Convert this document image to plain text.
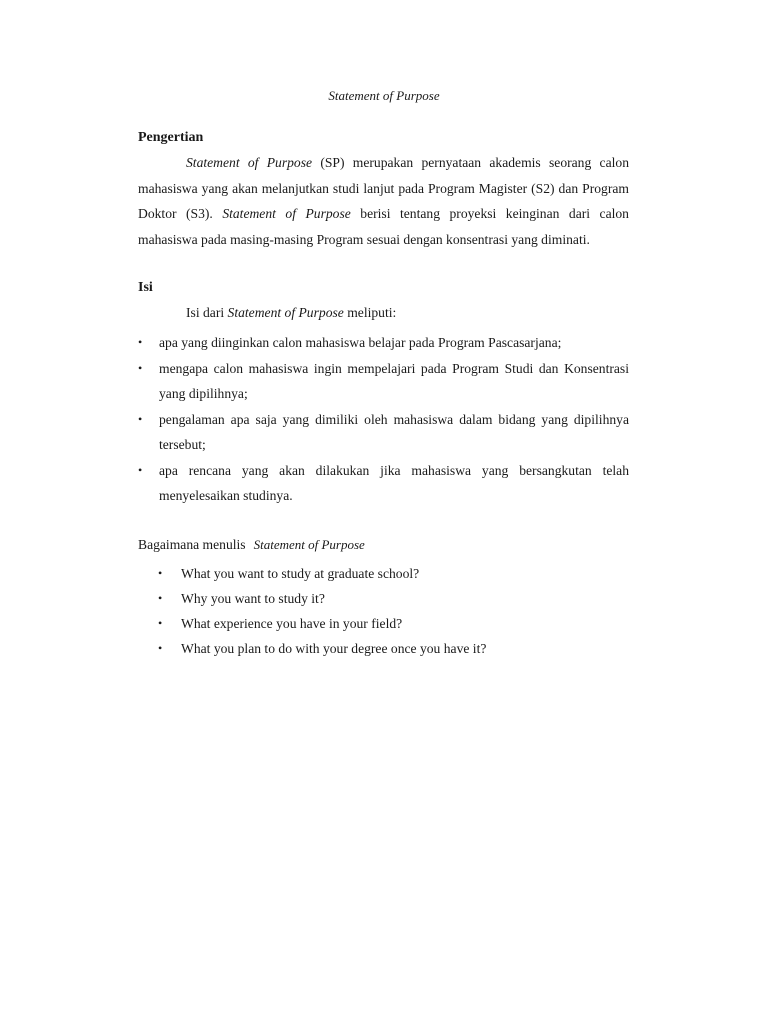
Statement of Purpose
Pengertian
Statement of Purpose (SP) merupakan pernyataan akademis seorang calon mahasiswa yang akan melanjutkan studi lanjut pada Program Magister (S2) dan Program Doktor (S3). Statement of Purpose berisi tentang proyeksi keinginan dari calon mahasiswa pada masing-masing Program sesuai dengan konsentrasi yang diminati.
Isi
Isi dari Statement of Purpose meliputi:
• apa yang diinginkan calon mahasiswa belajar pada Program Pascasarjana;
• mengapa calon mahasiswa ingin mempelajari pada Program Studi dan Konsentrasi yang dipilihnya;
• pengalaman apa saja yang dimiliki oleh mahasiswa dalam bidang yang dipilihnya tersebut;
• apa rencana yang akan dilakukan jika mahasiswa yang bersangkutan telah menyelesaikan studinya.
Bagaimana menulis Statement of Purpose
• What you want to study at graduate school?
• Why you want to study it?
• What experience you have in your field?
• What you plan to do with your degree once you have it?
